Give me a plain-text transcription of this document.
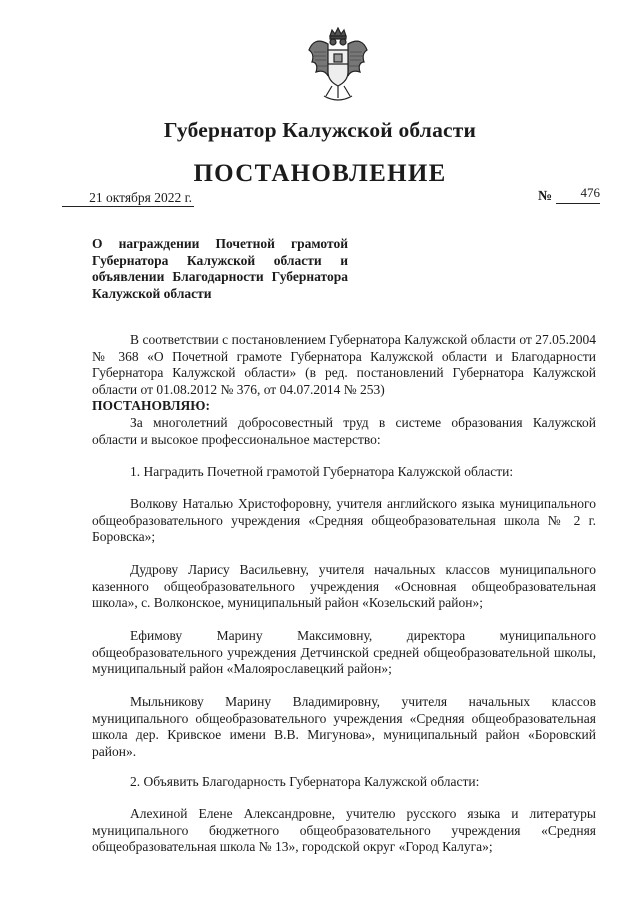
Губернатор Калужской области
ПОСТАНОВЛЕНИЕ
21 октября 2022 г.	№	476
О награждении Почетной грамотой Губернатора Калужской области и объявлении Благодарности Губернатора Калужской области
В соответствии с постановлением Губернатора Калужской области от 27.05.2004 № 368 «О Почетной грамоте Губернатора Калужской области и Благодарности Губернатора Калужской области» (в ред. постановлений Губернатора Калужской области от 01.08.2012 № 376, от 04.07.2014 № 253)
ПОСТАНОВЛЯЮ:
За многолетний добросовестный труд в системе образования Калужской области и высокое профессиональное мастерство:
1. Наградить Почетной грамотой Губернатора Калужской области:
Волкову Наталью Христофоровну, учителя английского языка муниципального общеобразовательного учреждения «Средняя общеобразовательная школа № 2 г. Боровска»;
Дудрову Ларису Васильевну, учителя начальных классов муниципального казенного общеобразовательного учреждения «Основная общеобразовательная школа», с. Волконское, муниципальный район «Козельский район»;
Ефимову Марину Максимовну, директора муниципального общеобразовательного учреждения Детчинской средней общеобразовательной школы, муниципальный район «Малоярославецкий район»;
Мыльникову Марину Владимировну, учителя начальных классов муниципального общеобразовательного учреждения «Средняя общеобразовательная школа дер. Кривское имени В.В. Мигунова», муниципальный район «Боровский район».
2. Объявить Благодарность Губернатора Калужской области:
Алехиной Елене Александровне, учителю русского языка и литературы муниципального бюджетного общеобразовательного учреждения «Средняя общеобразовательная школа № 13», городской округ «Город Калуга»;
